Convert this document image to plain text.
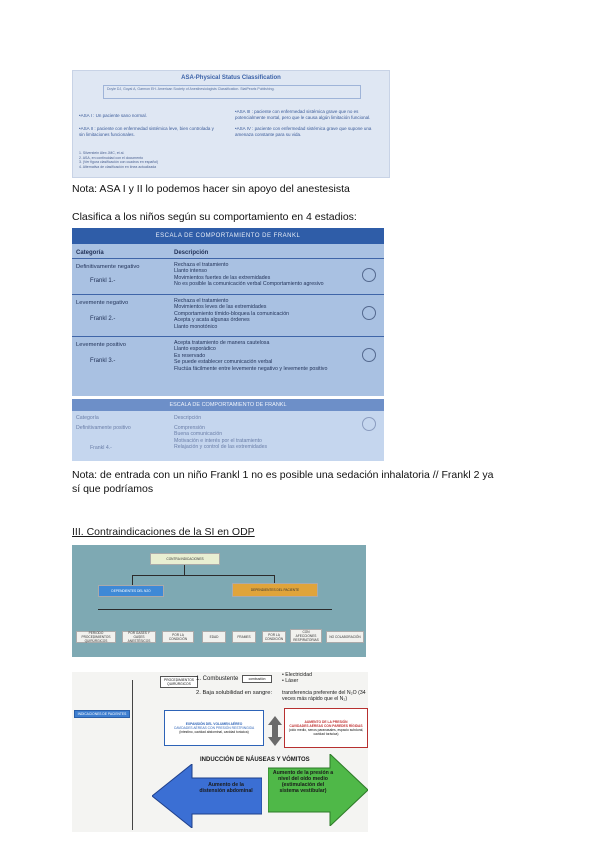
ASA-Physical Status Classification
Doyle DJ, Goyal A, Garmon EH. American Society of Anesthesiologists Classification. StatPearls Publishing.
•ASA I : Un paciente sano normal.
•ASA II : paciente con enfermedad sistémica leve, bien controlada y sin limitaciones funcionales.
•ASA III : paciente con enfermedad sistémica grave que no es potencialmente mortal, pero que le causa algún limitación funcional.
•ASA IV : paciente con enfermedad sistémica grave que supone una amenaza constante para su vida.
1. Silverstein Alex JMC, et al.
2. ASA, en continuidad con el documento
3. (Ver figura clasificación con cuadros en español)
4. Alternativa de clasificación en línea actualizada
Nota: ASA I y II lo podemos hacer sin apoyo del anestesista
Clasifica a los niños según su comportamiento en 4 estadios:
ESCALA DE COMPORTAMIENTO DE FRANKL
Categoría	Descripción
Definitivamente negativo
Frankl 1.-
Rechaza el tratamiento
Llanto intenso
Movimientos fuertes de las extremidades
No es posible la comunicación verbal Comportamiento agresivo
Levemente negativo
Frankl 2.-
Rechaza el tratamiento
Movimientos leves de las extremidades
Comportamiento tímido-bloquea la comunicación
Acepta y acata algunas órdenes
Llanto monotónico
Levemente positivo
Frankl 3.-
Acepta tratamiento de manera cautelosa
Llanto esporádico
Es reservado
Se puede establecer comunicación verbal
Fluctúa fácilmente entre levemente negativo y levemente positivo
ESCALA DE COMPORTAMIENTO DE FRANKL
Categoría	Descripción
Definitivamente positivo
Frankl 4.-
Comprensión
Buena comunicación
Motivación e interés por el tratamiento
Relajación y control de las extremidades
Nota: de entrada con un niño Frankl 1 no es posible una sedación inhalatoria // Frankl 2 ya
sí que podríamos
III. Contraindicaciones de la SI en ODP
CONTRA INDICACIONES
DEPENDIENTES DEL N2O	DEPENDIENTES DEL PACIENTE
PERIODO PROCEDIMIENTOS QUIRÚRGICOS
POR GASES Y GASES ANESTÉSICOS
POR LA CONDICIÓN	EDAD	FRAMES	POR LA CONDICIÓN
CON AFECCIONES RESPIRATORIAS
NO COLABORACIÓN
PROCEDIMIENTOS QUIRÚRGICOS
INDICACIONES DE PACIENTES
1. Combustente	combustión
• Electricidad
• Láser
2. Baja solubilidad en sangre: transferencia preferente del N₂O (34 veces más rápido que el N₂)
EXPANSIÓN DEL VOLUMEN AÉREO
CAVIDADES AÉREAS CON PRESIÓN RESTRINGIDA
(intestino, cavidad abdominal, cavidad torácica)
AUMENTO DE LA PRESIÓN
CAVIDADES AÉREAS CON PAREDES RÍGIDAS
(oído medio, senos paranasales, espacio subdural, cavidad torácica)
INDUCCIÓN DE NÁUSEAS Y VÓMITOS
Aumento de la distensión abdominal
Aumento de la presión a nivel del oído medio (estimulación del sistema vestibular)
